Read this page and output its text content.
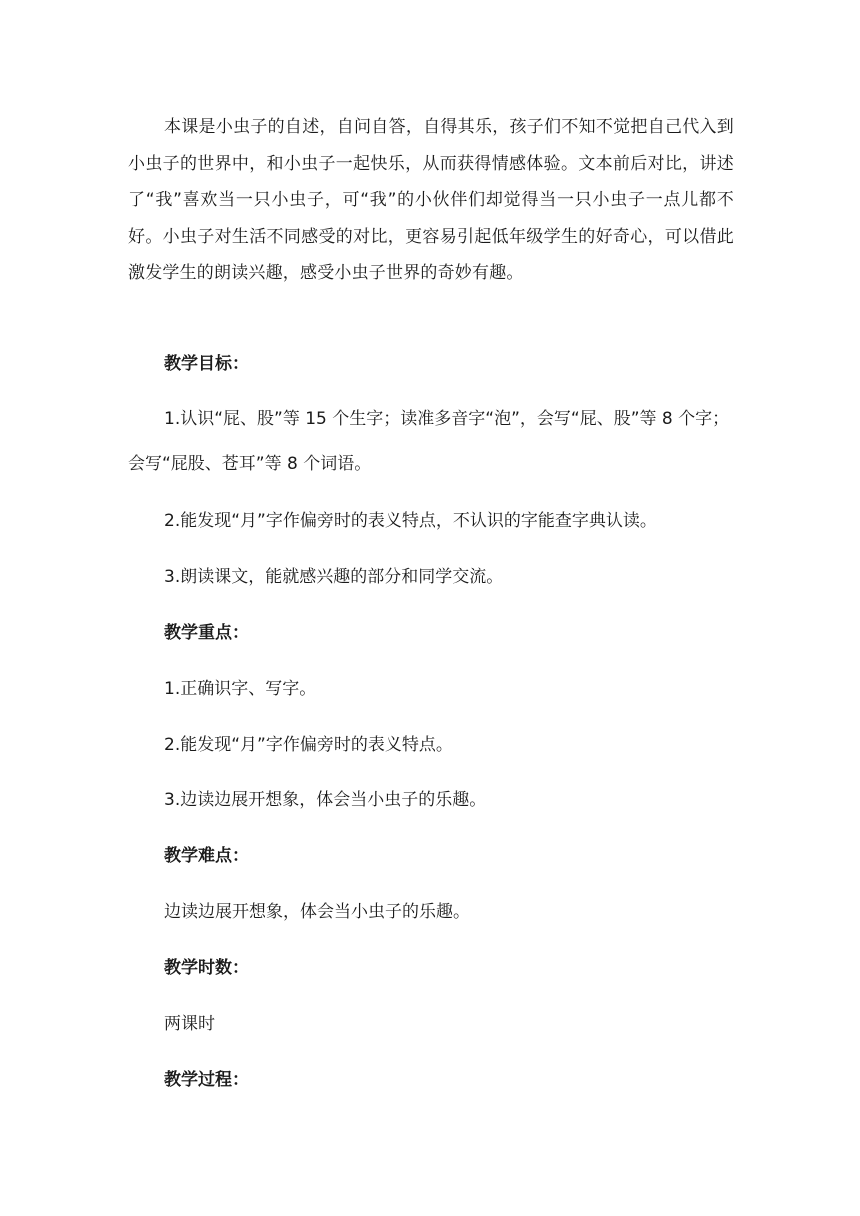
本课是小虫子的自述，自问自答，自得其乐，孩子们不知不觉把自己代入到小虫子的世界中，和小虫子一起快乐，从而获得情感体验。文本前后对比，讲述了“我”喜欢当一只小虫子，可“我”的小伙伴们却觉得当一只小虫子一点儿都不好。小虫子对生活不同感受的对比，更容易引起低年级学生的好奇心，可以借此激发学生的朗读兴趣，感受小虫子世界的奇妙有趣。

教学目标：

1.认识“屁、股”等 15 个生字；读准多音字“泡”，会写“屁、股”等 8 个字；会写“屁股、苍耳”等 8 个词语。

2.能发现“月”字作偏旁时的表义特点，不认识的字能查字典认读。

3.朗读课文，能就感兴趣的部分和同学交流。

教学重点：

1.正确识字、写字。

2.能发现“月”字作偏旁时的表义特点。

3.边读边展开想象，体会当小虫子的乐趣。

教学难点：

边读边展开想象，体会当小虫子的乐趣。

教学时数：

两课时

教学过程：
